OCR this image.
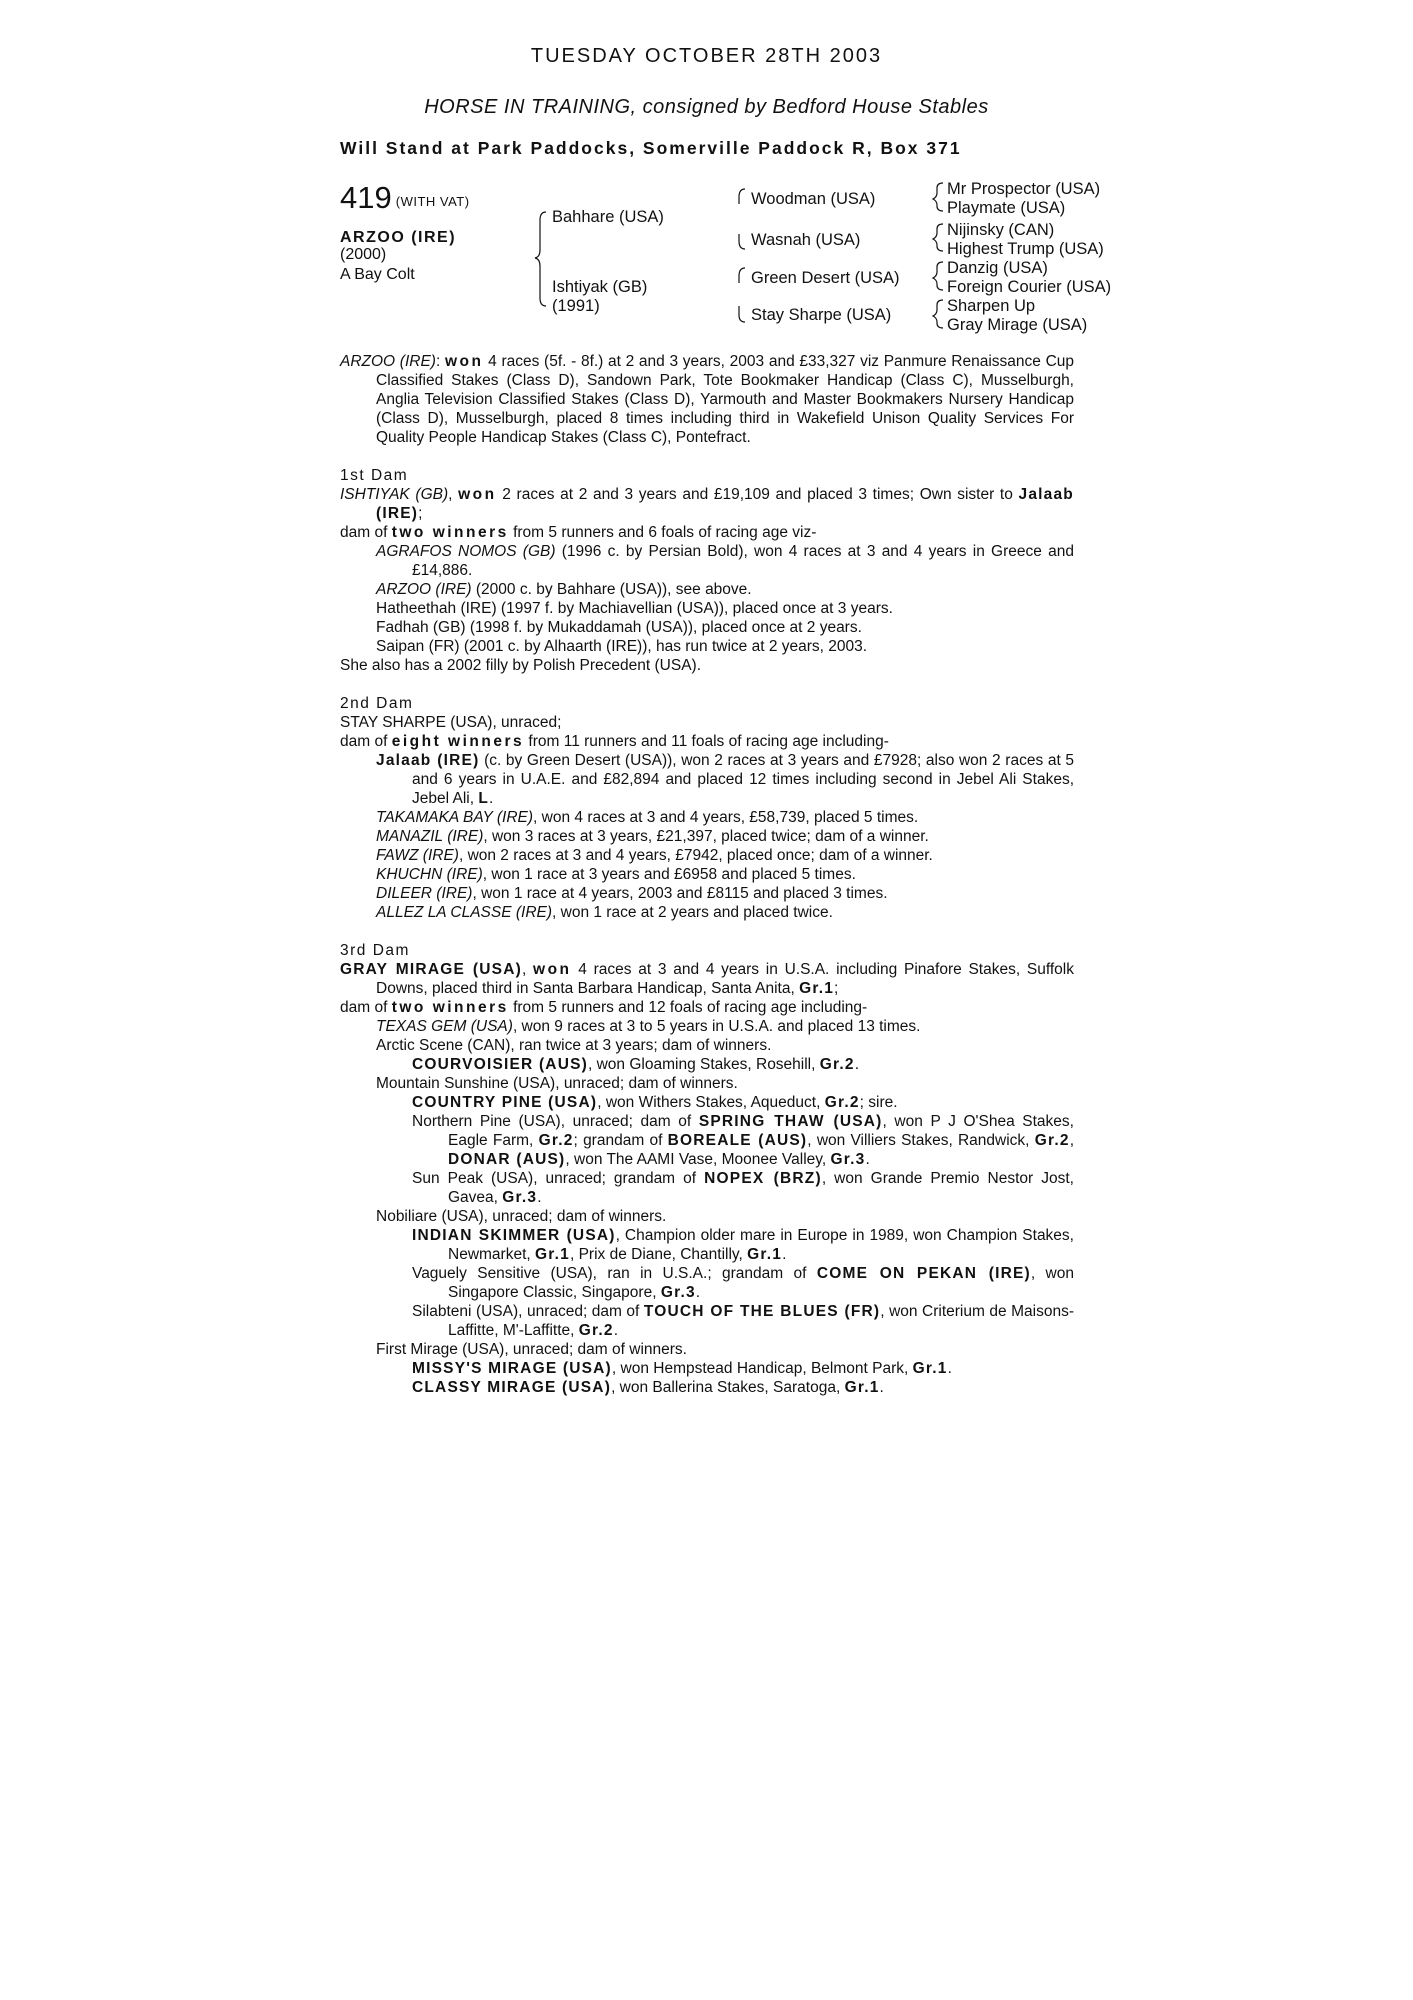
TUESDAY OCTOBER 28TH 2003
HORSE IN TRAINING, consigned by Bedford House Stables
Will Stand at Park Paddocks, Somerville Paddock R, Box 371
419 (WITH VAT)
ARZOO (IRE)
(2000)
A Bay Colt
Bahhare (USA)
Ishtiyak (GB)
(1991)
Woodman (USA)
Wasnah (USA)
Green Desert (USA)
Stay Sharpe (USA)
Mr Prospector (USA)
Playmate (USA)
Nijinsky (CAN)
Highest Trump (USA)
Danzig (USA)
Foreign Courier (USA)
Sharpen Up
Gray Mirage (USA)

ARZOO (IRE): won 4 races (5f. - 8f.) at 2 and 3 years, 2003 and £33,327 viz Panmure Renaissance Cup Classified Stakes (Class D), Sandown Park, Tote Bookmaker Handicap (Class C), Musselburgh, Anglia Television Classified Stakes (Class D), Yarmouth and Master Bookmakers Nursery Handicap (Class D), Musselburgh, placed 8 times including third in Wakefield Unison Quality Services For Quality People Handicap Stakes (Class C), Pontefract.

1st Dam

ISHTIYAK (GB), won 2 races at 2 and 3 years and £19,109 and placed 3 times; Own sister to Jalaab (IRE);

dam of two winners from 5 runners and 6 foals of racing age viz-

AGRAFOS NOMOS (GB) (1996 c. by Persian Bold), won 4 races at 3 and 4 years in Greece and £14,886.

ARZOO (IRE) (2000 c. by Bahhare (USA)), see above.

Hatheethah (IRE) (1997 f. by Machiavellian (USA)), placed once at 3 years.

Fadhah (GB) (1998 f. by Mukaddamah (USA)), placed once at 2 years.

Saipan (FR) (2001 c. by Alhaarth (IRE)), has run twice at 2 years, 2003.

She also has a 2002 filly by Polish Precedent (USA).

2nd Dam

STAY SHARPE (USA), unraced;

dam of eight winners from 11 runners and 11 foals of racing age including-

Jalaab (IRE) (c. by Green Desert (USA)), won 2 races at 3 years and £7928; also won 2 races at 5 and 6 years in U.A.E. and £82,894 and placed 12 times including second in Jebel Ali Stakes, Jebel Ali, L.

TAKAMAKA BAY (IRE), won 4 races at 3 and 4 years, £58,739, placed 5 times.

MANAZIL (IRE), won 3 races at 3 years, £21,397, placed twice; dam of a winner.

FAWZ (IRE), won 2 races at 3 and 4 years, £7942, placed once; dam of a winner.

KHUCHN (IRE), won 1 race at 3 years and £6958 and placed 5 times.

DILEER (IRE), won 1 race at 4 years, 2003 and £8115 and placed 3 times.

ALLEZ LA CLASSE (IRE), won 1 race at 2 years and placed twice.

3rd Dam

GRAY MIRAGE (USA), won 4 races at 3 and 4 years in U.S.A. including Pinafore Stakes, Suffolk Downs, placed third in Santa Barbara Handicap, Santa Anita, Gr.1;

dam of two winners from 5 runners and 12 foals of racing age including-

TEXAS GEM (USA), won 9 races at 3 to 5 years in U.S.A. and placed 13 times.

Arctic Scene (CAN), ran twice at 3 years; dam of winners.

COURVOISIER (AUS), won Gloaming Stakes, Rosehill, Gr.2.

Mountain Sunshine (USA), unraced; dam of winners.

COUNTRY PINE (USA), won Withers Stakes, Aqueduct, Gr.2; sire.

Northern Pine (USA), unraced; dam of SPRING THAW (USA), won P J O'Shea Stakes, Eagle Farm, Gr.2; grandam of BOREALE (AUS), won Villiers Stakes, Randwick, Gr.2, DONAR (AUS), won The AAMI Vase, Moonee Valley, Gr.3.

Sun Peak (USA), unraced; grandam of NOPEX (BRZ), won Grande Premio Nestor Jost, Gavea, Gr.3.

Nobiliare (USA), unraced; dam of winners.

INDIAN SKIMMER (USA), Champion older mare in Europe in 1989, won Champion Stakes, Newmarket, Gr.1, Prix de Diane, Chantilly, Gr.1.

Vaguely Sensitive (USA), ran in U.S.A.; grandam of COME ON PEKAN (IRE), won Singapore Classic, Singapore, Gr.3.

Silabteni (USA), unraced; dam of TOUCH OF THE BLUES (FR), won Criterium de Maisons-Laffitte, M'-Laffitte, Gr.2.

First Mirage (USA), unraced; dam of winners.

MISSY'S MIRAGE (USA), won Hempstead Handicap, Belmont Park, Gr.1.

CLASSY MIRAGE (USA), won Ballerina Stakes, Saratoga, Gr.1.
